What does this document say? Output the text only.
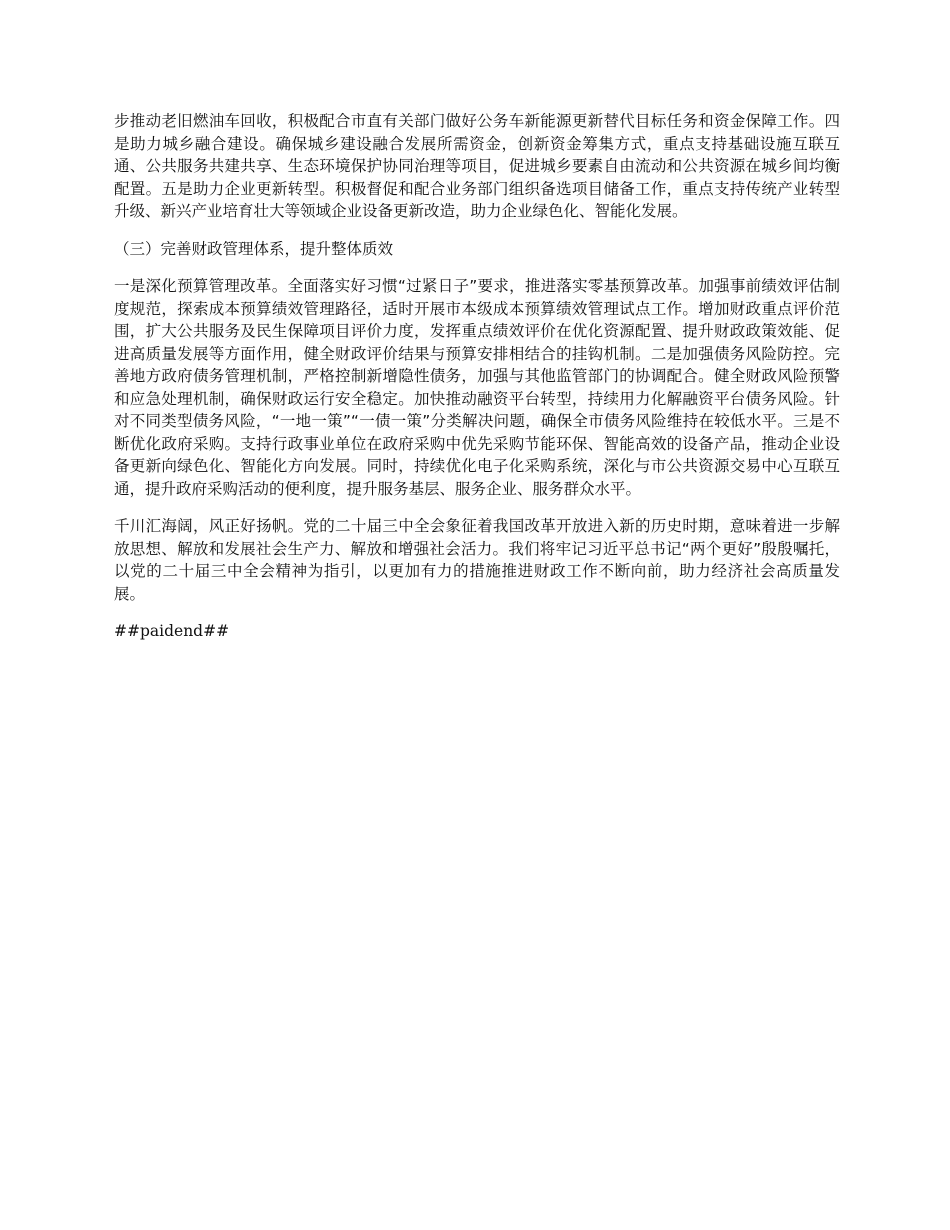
步推动老旧燃油车回收，积极配合市直有关部门做好公务车新能源更新替代目标任务和资金保障工作。四是助力城乡融合建设。确保城乡建设融合发展所需资金，创新资金筹集方式，重点支持基础设施互联互通、公共服务共建共享、生态环境保护协同治理等项目，促进城乡要素自由流动和公共资源在城乡间均衡配置。五是助力企业更新转型。积极督促和配合业务部门组织备选项目储备工作，重点支持传统产业转型升级、新兴产业培育壮大等领域企业设备更新改造，助力企业绿色化、智能化发展。

（三）完善财政管理体系，提升整体质效

一是深化预算管理改革。全面落实好习惯“过紧日子”要求，推进落实零基预算改革。加强事前绩效评估制度规范，探索成本预算绩效管理路径，适时开展市本级成本预算绩效管理试点工作。增加财政重点评价范围，扩大公共服务及民生保障项目评价力度，发挥重点绩效评价在优化资源配置、提升财政政策效能、促进高质量发展等方面作用，健全财政评价结果与预算安排相结合的挂钩机制。二是加强债务风险防控。完善地方政府债务管理机制，严格控制新增隐性债务，加强与其他监管部门的协调配合。健全财政风险预警和应急处理机制，确保财政运行安全稳定。加快推动融资平台转型，持续用力化解融资平台债务风险。针对不同类型债务风险，“一地一策”“一债一策”分类解决问题，确保全市债务风险维持在较低水平。三是不断优化政府采购。支持行政事业单位在政府采购中优先采购节能环保、智能高效的设备产品，推动企业设备更新向绿色化、智能化方向发展。同时，持续优化电子化采购系统，深化与市公共资源交易中心互联互通，提升政府采购活动的便利度，提升服务基层、服务企业、服务群众水平。

千川汇海阔，风正好扬帆。党的二十届三中全会象征着我国改革开放进入新的历史时期，意味着进一步解放思想、解放和发展社会生产力、解放和增强社会活力。我们将牢记习近平总书记“两个更好”殷殷嘱托，以党的二十届三中全会精神为指引，以更加有力的措施推进财政工作不断向前，助力经济社会高质量发展。

##paidend##
